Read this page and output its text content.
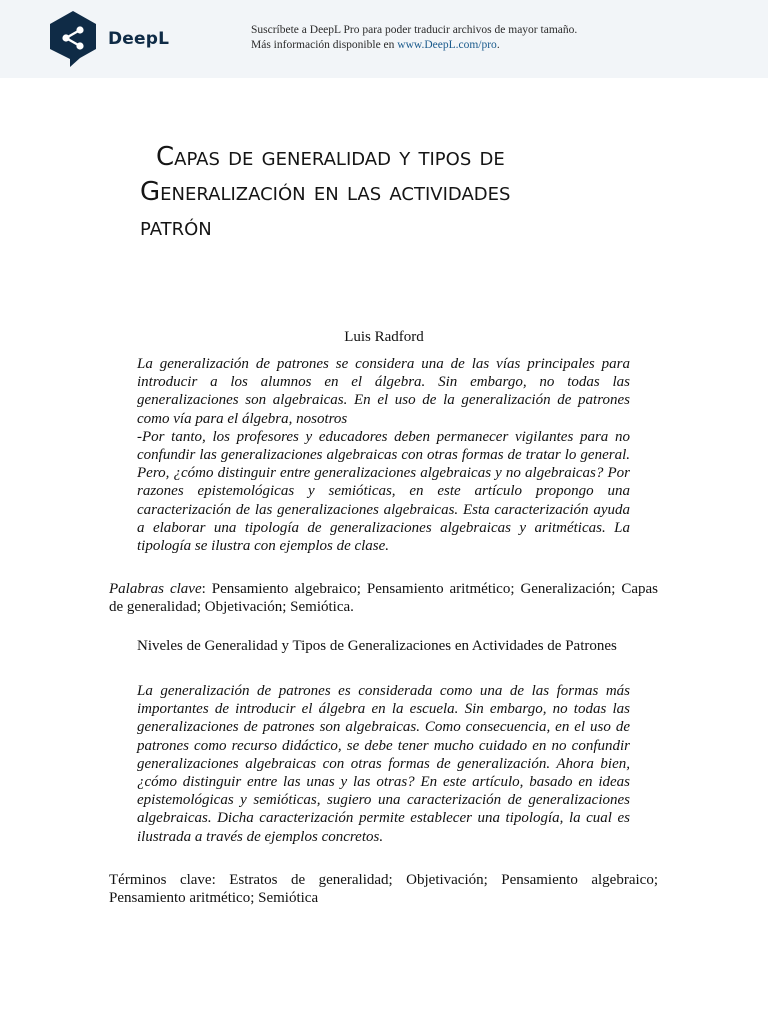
DeepL	Suscríbete a DeepL Pro para poder traducir archivos de mayor tamaño.
Más información disponible en www.DeepL.com/pro.
Capas de generalidad y tipos de
Generalización en las actividades
patrón
Luis Radford

La generalización de patrones se considera una de las vías principales para introducir a los alumnos en el álgebra. Sin embargo, no todas las generalizaciones son algebraicas. En el uso de la generalización de patrones como vía para el álgebra, nosotros

-Por tanto, los profesores y educadores deben permanecer vigilantes para no confundir las generalizaciones algebraicas con otras formas de tratar lo general. Pero, ¿cómo distinguir entre generalizaciones algebraicas y no algebraicas? Por razones epistemológicas y semióticas, en este artículo propongo una caracterización de las generalizaciones algebraicas. Esta caracterización ayuda a elaborar una tipología de generalizaciones algebraicas y aritméticas. La tipología se ilustra con ejemplos de clase.

Palabras clave: Pensamiento algebraico; Pensamiento aritmético; Generalización; Capas de generalidad; Objetivación; Semiótica.
Niveles de Generalidad y Tipos de Generalizaciones en Actividades de Patrones
La generalización de patrones es considerada como una de las formas más importantes de introducir el álgebra en la escuela. Sin embargo, no todas las generalizaciones de patrones son algebraicas. Como consecuencia, en el uso de patrones como recurso didáctico, se debe tener mucho cuidado en no confundir generalizaciones algebraicas con otras formas de generalización. Ahora bien, ¿cómo distinguir entre las unas y las otras? En este artículo, basado en ideas epistemológicas y semióticas, sugiero una caracterización de generalizaciones algebraicas. Dicha caracterización permite establecer una tipología, la cual es ilustrada a través de ejemplos concretos.
Términos clave: Estratos de generalidad; Objetivación; Pensamiento algebraico; Pensamiento aritmético; Semiótica
